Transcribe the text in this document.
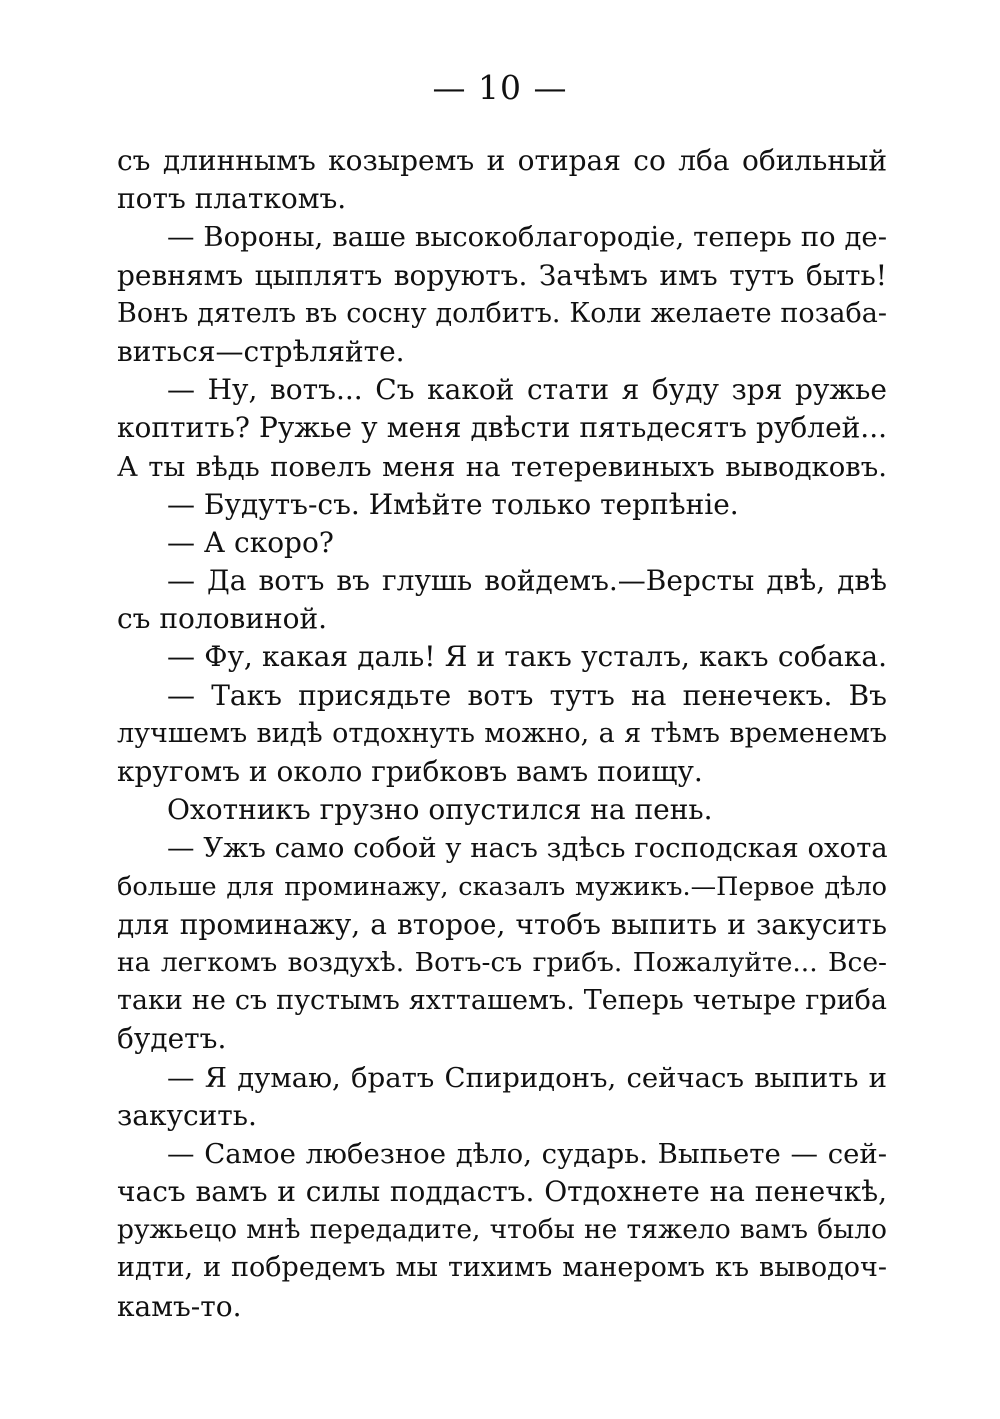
— 10 —
съ длиннымъ козыремъ и отирая со лба обильный
потъ платкомъ.
— Вороны, ваше высокоблагородіе, теперь по де-
ревнямъ цыплятъ воруютъ. Зачѣмъ имъ тутъ быть!
Вонъ дятелъ въ сосну долбитъ. Коли желаете позаба-
виться—стрѣляйте.
— Ну, вотъ... Съ какой стати я буду зря ружье
коптить? Ружье у меня двѣсти пятьдесятъ рублей...
А ты вѣдь повелъ меня на тетеревиныхъ выводковъ.
— Будутъ-съ. Имѣйте только терпѣніе.
— А скоро?
— Да вотъ въ глушь войдемъ.—Версты двѣ, двѣ
съ половиной.
— Фу, какая даль! Я и такъ усталъ, какъ собака.
— Такъ присядьте вотъ тутъ на пенечекъ. Въ
лучшемъ видѣ отдохнуть можно, а я тѣмъ временемъ
кругомъ и около грибковъ вамъ поищу.
Охотникъ грузно опустился на пень.
— Ужъ само собой у насъ здѣсь господская охота
больше для проминажу, сказалъ мужикъ.—Первое дѣло
для проминажу, а второе, чтобъ выпить и закусить
на легкомъ воздухѣ. Вотъ-съ грибъ. Пожалуйте... Все-
таки не съ пустымъ яхтташемъ. Теперь четыре гриба
будетъ.
— Я думаю, братъ Спиридонъ, сейчасъ выпить и
закусить.
— Самое любезное дѣло, сударь. Выпьете — сей-
часъ вамъ и силы поддастъ. Отдохнете на пенечкѣ,
ружьецо мнѣ передадите, чтобы не тяжело вамъ было
идти, и побредемъ мы тихимъ манеромъ къ выводоч-
камъ-то.
